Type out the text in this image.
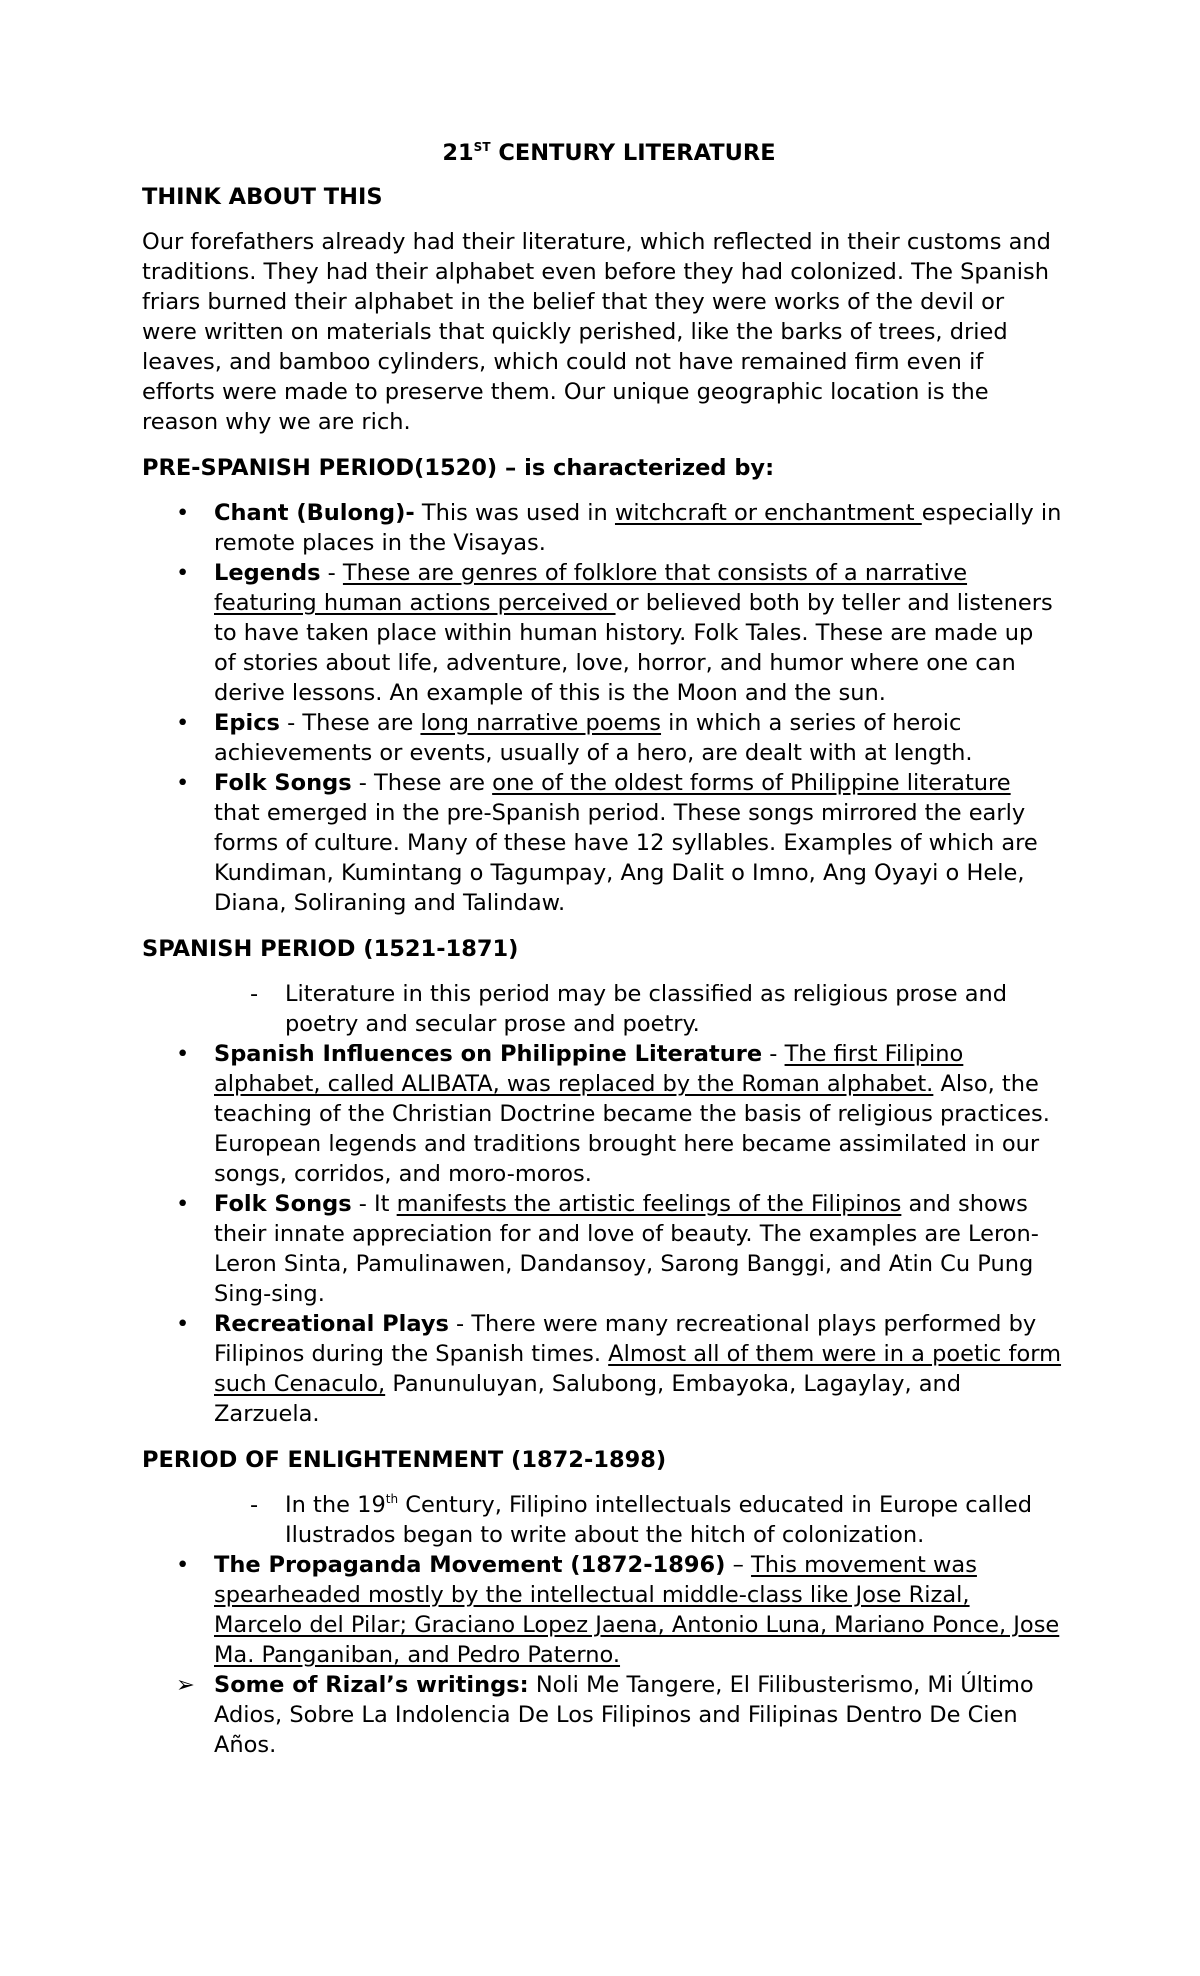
21ST CENTURY LITERATURE
THINK ABOUT THIS
Our forefathers already had their literature, which reflected in their customs and traditions. They had their alphabet even before they had colonized. The Spanish friars burned their alphabet in the belief that they were works of the devil or were written on materials that quickly perished, like the barks of trees, dried leaves, and bamboo cylinders, which could not have remained firm even if efforts were made to preserve them. Our unique geographic location is the reason why we are rich.
PRE-SPANISH PERIOD(1520) – is characterized by:
•	Chant (Bulong)- This was used in witchcraft or enchantment especially in remote places in the Visayas.
•	Legends - These are genres of folklore that consists of a narrative featuring human actions perceived or believed both by teller and listeners to have taken place within human history. Folk Tales. These are made up of stories about life, adventure, love, horror, and humor where one can derive lessons. An example of this is the Moon and the sun.
•	Epics - These are long narrative poems in which a series of heroic achievements or events, usually of a hero, are dealt with at length.
•	Folk Songs - These are one of the oldest forms of Philippine literature that emerged in the pre-Spanish period. These songs mirrored the early forms of culture. Many of these have 12 syllables. Examples of which are Kundiman, Kumintang o Tagumpay, Ang Dalit o Imno, Ang Oyayi o Hele, Diana, Soliraning and Talindaw.
SPANISH PERIOD (1521-1871)
- Literature in this period may be classified as religious prose and poetry and secular prose and poetry.
•	Spanish Influences on Philippine Literature - The first Filipino alphabet, called ALIBATA, was replaced by the Roman alphabet. Also, the teaching of the Christian Doctrine became the basis of religious practices. European legends and traditions brought here became assimilated in our songs, corridos, and moro-moros.
•	Folk Songs - It manifests the artistic feelings of the Filipinos and shows their innate appreciation for and love of beauty. The examples are Leron-Leron Sinta, Pamulinawen, Dandansoy, Sarong Banggi, and Atin Cu Pung Sing-sing.
•	Recreational Plays - There were many recreational plays performed by Filipinos during the Spanish times. Almost all of them were in a poetic form such Cenaculo, Panunuluyan, Salubong, Embayoka, Lagaylay, and Zarzuela.
PERIOD OF ENLIGHTENMENT (1872-1898)
- In the 19th Century, Filipino intellectuals educated in Europe called Ilustrados began to write about the hitch of colonization.
•	The Propaganda Movement (1872-1896) – This movement was spearheaded mostly by the intellectual middle-class like Jose Rizal, Marcelo del Pilar; Graciano Lopez Jaena, Antonio Luna, Mariano Ponce, Jose Ma. Panganiban, and Pedro Paterno.
➢ Some of Rizal’s writings: Noli Me Tangere, El Filibusterismo, Mi Último Adios, Sobre La Indolencia De Los Filipinos and Filipinas Dentro De Cien Años.
